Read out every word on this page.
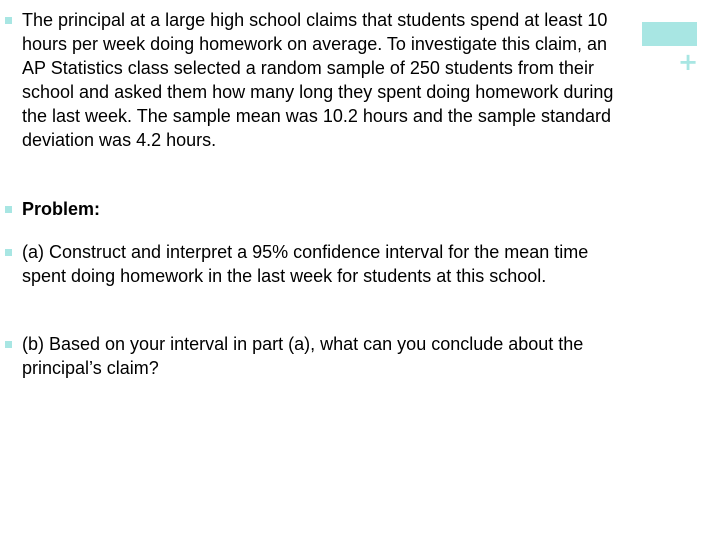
+
The principal at a large high school claims that students spend at least 10 hours per week doing homework on average. To investigate this claim, an AP Statistics class selected a random sample of 250 students from their school and asked them how many long they spent doing homework during the last week. The sample mean was 10.2 hours and the sample standard deviation was 4.2 hours.
Problem:
(a) Construct and interpret a 95% confidence interval for the mean time spent doing homework in the last week for students at this school.
(b) Based on your interval in part (a), what can you conclude about the principal’s claim?
